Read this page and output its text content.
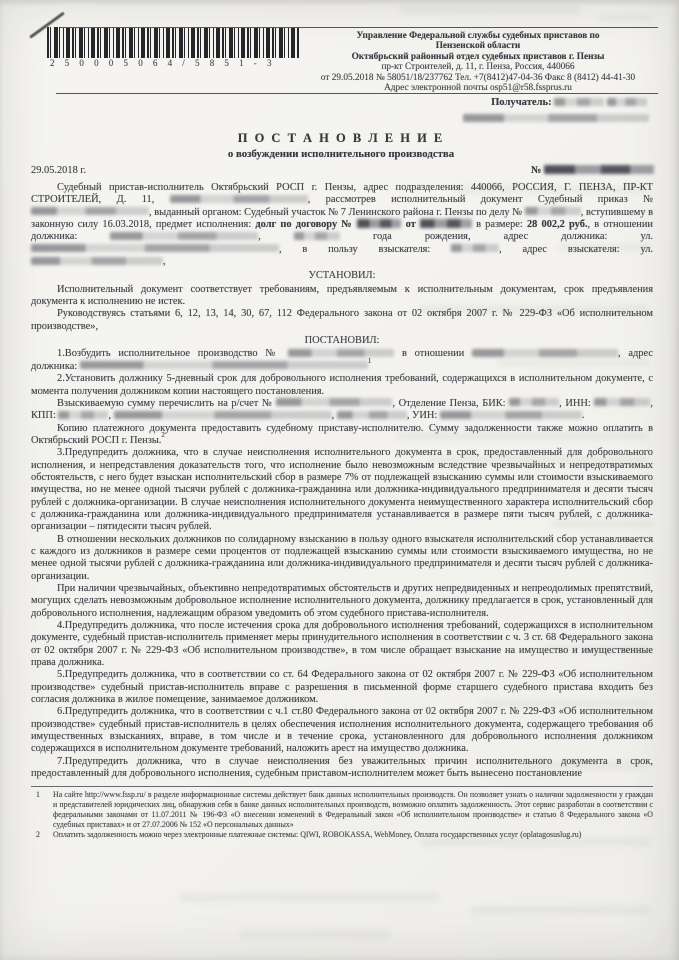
250005064/5851-3
Управление Федеральной службы судебных приставов по
Пензенской области
Октябрьский районный отдел судебных приставов г. Пензы
пр-кт Строителей, д. 11, г. Пенза, Россия, 440066
от 29.05.2018 № 58051/18/237762 Тел. +7(8412)47-04-36 Факс 8 (8412) 44-41-30
Адрес электронной почты osp51@r58.fssprus.ru
Получатель:
П О С Т А Н О В Л Е Н И Е
о возбуждении исполнительного производства
29.05.2018 г.	№

Судебный пристав-исполнитель Октябрьский РОСП г. Пензы, адрес подразделения: 440066, РОССИЯ, Г. ПЕНЗА, ПР-КТ СТРОИТЕЛЕЙ, Д. 11,	, рассмотрев исполнительный документ Судебный приказ № , выданный органом: Судебный участок № 7 Ленинского района г. Пензы по делу №	, вступившему в законную силу 16.03.2018, предмет исполнения: долг по договору №	от	в размере: 28 002,2 руб., в отношении должника:	,	года рождения, адрес должника: ул. , в пользу взыскателя:	, адрес взыскателя: ул. ,

УСТАНОВИЛ:

Исполнительный документ соответствует требованиям, предъявляемым к исполнительным документам, срок предъявления документа к исполнению не истек.

Руководствуясь статьями 6, 12, 13, 14, 30, 67, 112 Федерального закона от 02 октября 2007 г. № 229-ФЗ «Об исполнительном производстве»,

ПОСТАНОВИЛ:

1.Возбудить исполнительное производство №	в отношении	, адрес должника:	$^1$

2.Установить должнику 5-дневный срок для добровольного исполнения требований, содержащихся в исполнительном документе, с момента получения должником копии настоящего постановления.

Взыскиваемую сумму перечислить на р/счет №	, Отделение Пенза, БИК:	, ИНН:	, КПП:	,	,	, УИН:	.

Копию платежного документа предоставить судебному приставу-исполнителю. Сумму задолженности также можно оплатить в Октябрьский РОСП г. Пензы.$^2$

3.Предупредить должника, что в случае неисполнения исполнительного документа в срок, предоставленный для добровольного исполнения, и непредставления доказательств того, что исполнение было невозможным вследствие чрезвычайных и непредотвратимых обстоятельств, с него будет взыскан исполнительский сбор в размере 7% от подлежащей взысканию суммы или стоимости взыскиваемого имущества, но не менее одной тысячи рублей с должника-гражданина или должника-индивидуального предпринимателя и десяти тысяч рублей с должника-организации. В случае неисполнения исполнительного документа неимущественного характера исполнительский сбор с должника-гражданина или должника-индивидуального предпринимателя устанавливается в размере пяти тысяч рублей, с должника-организации – пятидесяти тысяч рублей.

В отношении нескольких должников по солидарному взысканию в пользу одного взыскателя исполнительский сбор устанавливается с каждого из должников в размере семи процентов от подлежащей взысканию суммы или стоимости взыскиваемого имущества, но не менее одной тысячи рублей с должника-гражданина или должника-индивидуального предпринимателя и десяти тысяч рублей с должника-организации.

При наличии чрезвычайных, объективно непредотвратимых обстоятельств и других непредвиденных и непреодолимых препятствий, могущих сделать невозможным добровольное исполнение исполнительного документа, должнику предлагается в срок, установленный для добровольного исполнения, надлежащим образом уведомить об этом судебного пристава-исполнителя.

4.Предупредить должника, что после истечения срока для добровольного исполнения требований, содержащихся в исполнительном документе, судебный пристав-исполнитель применяет меры принудительного исполнения в соответствии с ч. 3 ст. 68 Федерального закона от 02 октября 2007 г. № 229-ФЗ «Об исполнительном производстве», в том числе обращает взыскание на имущество и имущественные права должника.

5.Предупредить должника, что в соответствии со ст. 64 Федерального закона от 02 октября 2007 г. № 229-ФЗ «Об исполнительном производстве» судебный пристав-исполнитель вправе с разрешения в письменной форме старшего судебного пристава входить без согласия должника в жилое помещение, занимаемое должником.

6.Предупредить должника, что в соответствии с ч.1 ст.80 Федерального закона от 02 октября 2007 г. № 229-ФЗ «Об исполнительном производстве» судебный пристав-исполнитель в целях обеспечения исполнения исполнительного документа, содержащего требования об имущественных взысканиях, вправе, в том числе и в течение срока, установленного для добровольного исполнения должником содержащихся в исполнительном документе требований, наложить арест на имущество должника.

7.Предупредить должника, что в случае неисполнения без уважительных причин исполнительного документа в срок, предоставленный для добровольного исполнения, судебным приставом-исполнителем может быть вынесено постановление

1	На сайте http://www.fssp.ru/ в разделе информационные системы действует банк данных исполнительных производств. Он позволяет узнать о наличии задолженности у граждан и представителей юридических лиц, обнаружив себя в банке данных исполнительных производств, возможно оплатить задолженность. Этот сервис разработан в соответствии с федеральными законами от 11.07.2011 № 196-ФЗ «О внесении изменений в Федеральный закон «Об исполнительном производстве» и статью 8 Федерального закона «О судебных приставах» и от 27.07.2006 № 152 «О персональных данных»
2	Оплатить задолженность можно через электронные платежные системы: QIWI, ROBOKASSA, WebMoney, Оплата государственных услуг (oplatagosuslug.ru)
